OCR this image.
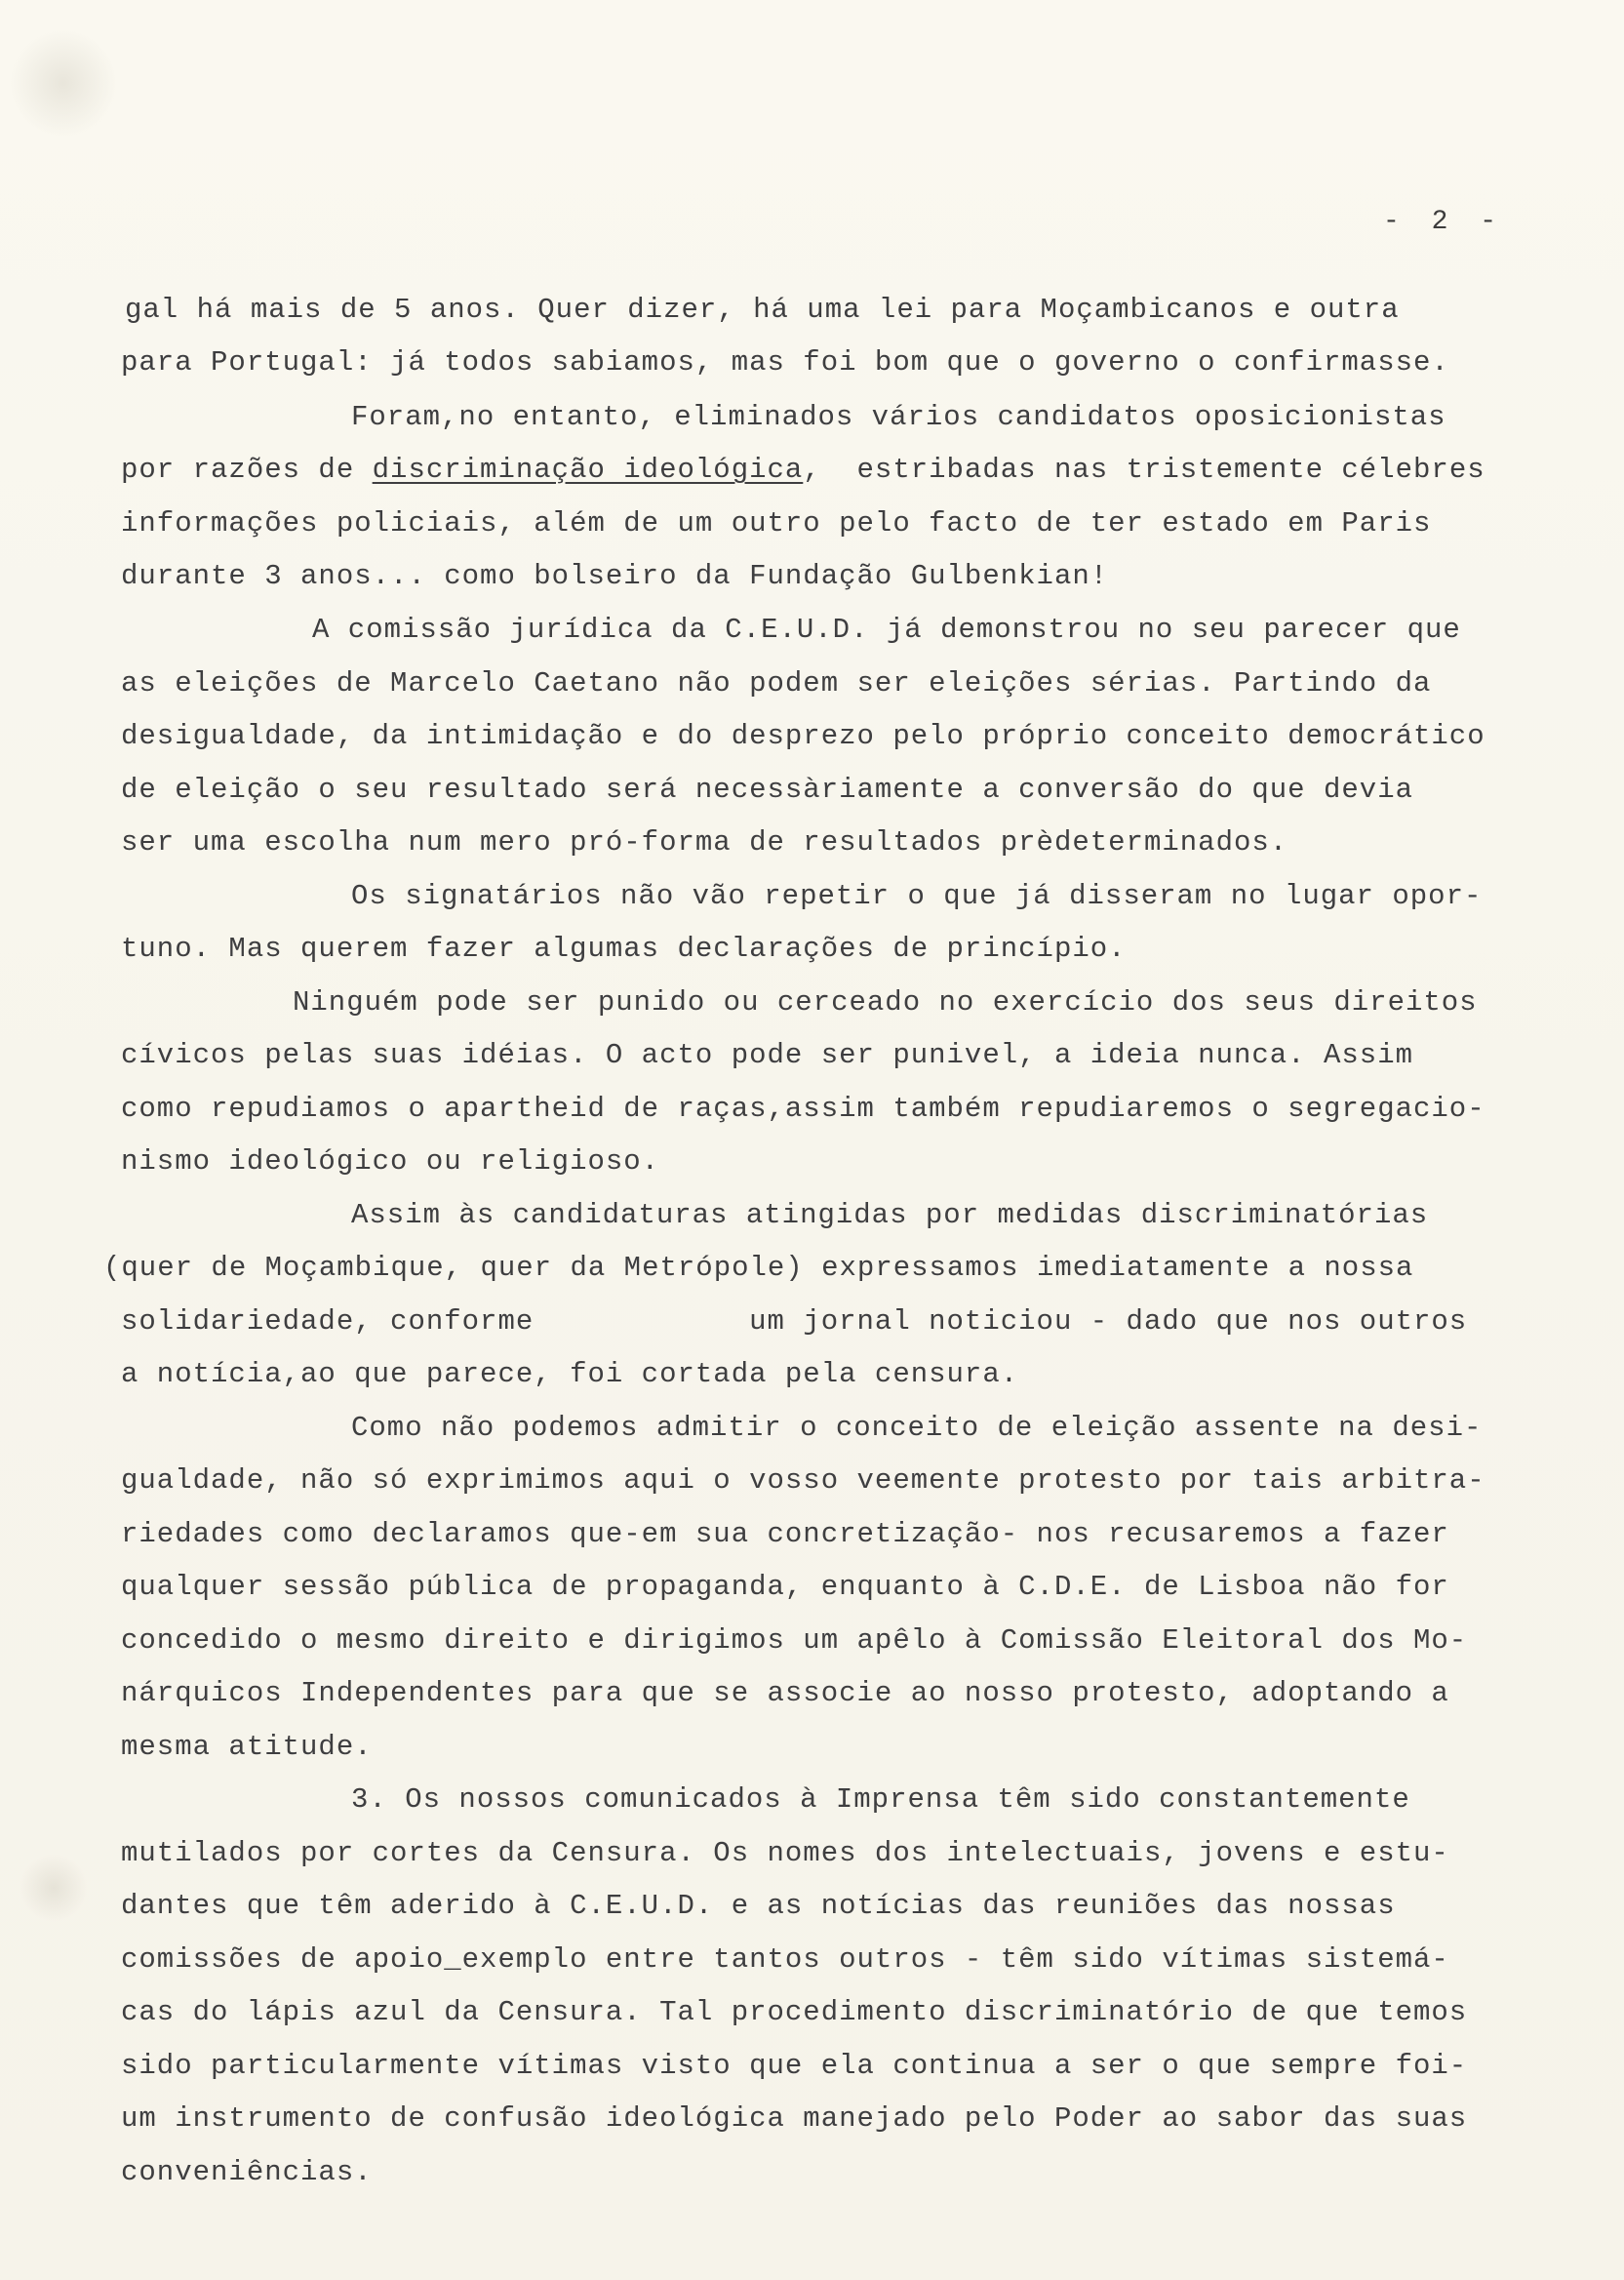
- 2 -
gal há mais de 5 anos. Quer dizer, há uma lei para Moçambicanos e outra
para Portugal: já todos sabiamos, mas foi bom que o governo o confirmasse.
Foram,no entanto, eliminados vários candidatos oposicionistas
por razões de discriminação ideológica,  estribadas nas tristemente célebres
informações policiais, além de um outro pelo facto de ter estado em Paris
durante 3 anos... como bolseiro da Fundação Gulbenkian!
A comissão jurídica da C.E.U.D. já demonstrou no seu parecer que
as eleições de Marcelo Caetano não podem ser eleições sérias. Partindo da
desigualdade, da intimidação e do desprezo pelo próprio conceito democrático
de eleição o seu resultado será necessàriamente a conversão do que devia
ser uma escolha num mero pró-forma de resultados prèdeterminados.
Os signatários não vão repetir o que já disseram no lugar opor-
tuno. Mas querem fazer algumas declarações de princípio.
Ninguém pode ser punido ou cerceado no exercício dos seus direitos
cívicos pelas suas idéias. O acto pode ser punivel, a ideia nunca. Assim
como repudiamos o apartheid de raças,assim também repudiaremos o segregacio-
nismo ideológico ou religioso.
Assim às candidaturas atingidas por medidas discriminatórias
(quer de Moçambique, quer da Metrópole) expressamos imediatamente a nossa
solidariedade, conforme            um jornal noticiou - dado que nos outros
a notícia,ao que parece, foi cortada pela censura.
Como não podemos admitir o conceito de eleição assente na desi-
gualdade, não só exprimimos aqui o vosso veemente protesto por tais arbitra-
riedades como declaramos que-em sua concretização- nos recusaremos a fazer
qualquer sessão pública de propaganda, enquanto à C.D.E. de Lisboa não for
concedido o mesmo direito e dirigimos um apêlo à Comissão Eleitoral dos Mo-
nárquicos Independentes para que se associe ao nosso protesto, adoptando a
mesma atitude.
3. Os nossos comunicados à Imprensa têm sido constantemente
mutilados por cortes da Censura. Os nomes dos intelectuais, jovens e estu-
dantes que têm aderido à C.E.U.D. e as notícias das reuniões das nossas
comissões de apoio_exemplo entre tantos outros - têm sido vítimas sistemá-
cas do lápis azul da Censura. Tal procedimento discriminatório de que temos
sido particularmente vítimas visto que ela continua a ser o que sempre foi-
um instrumento de confusão ideológica manejado pelo Poder ao sabor das suas
conveniências.
